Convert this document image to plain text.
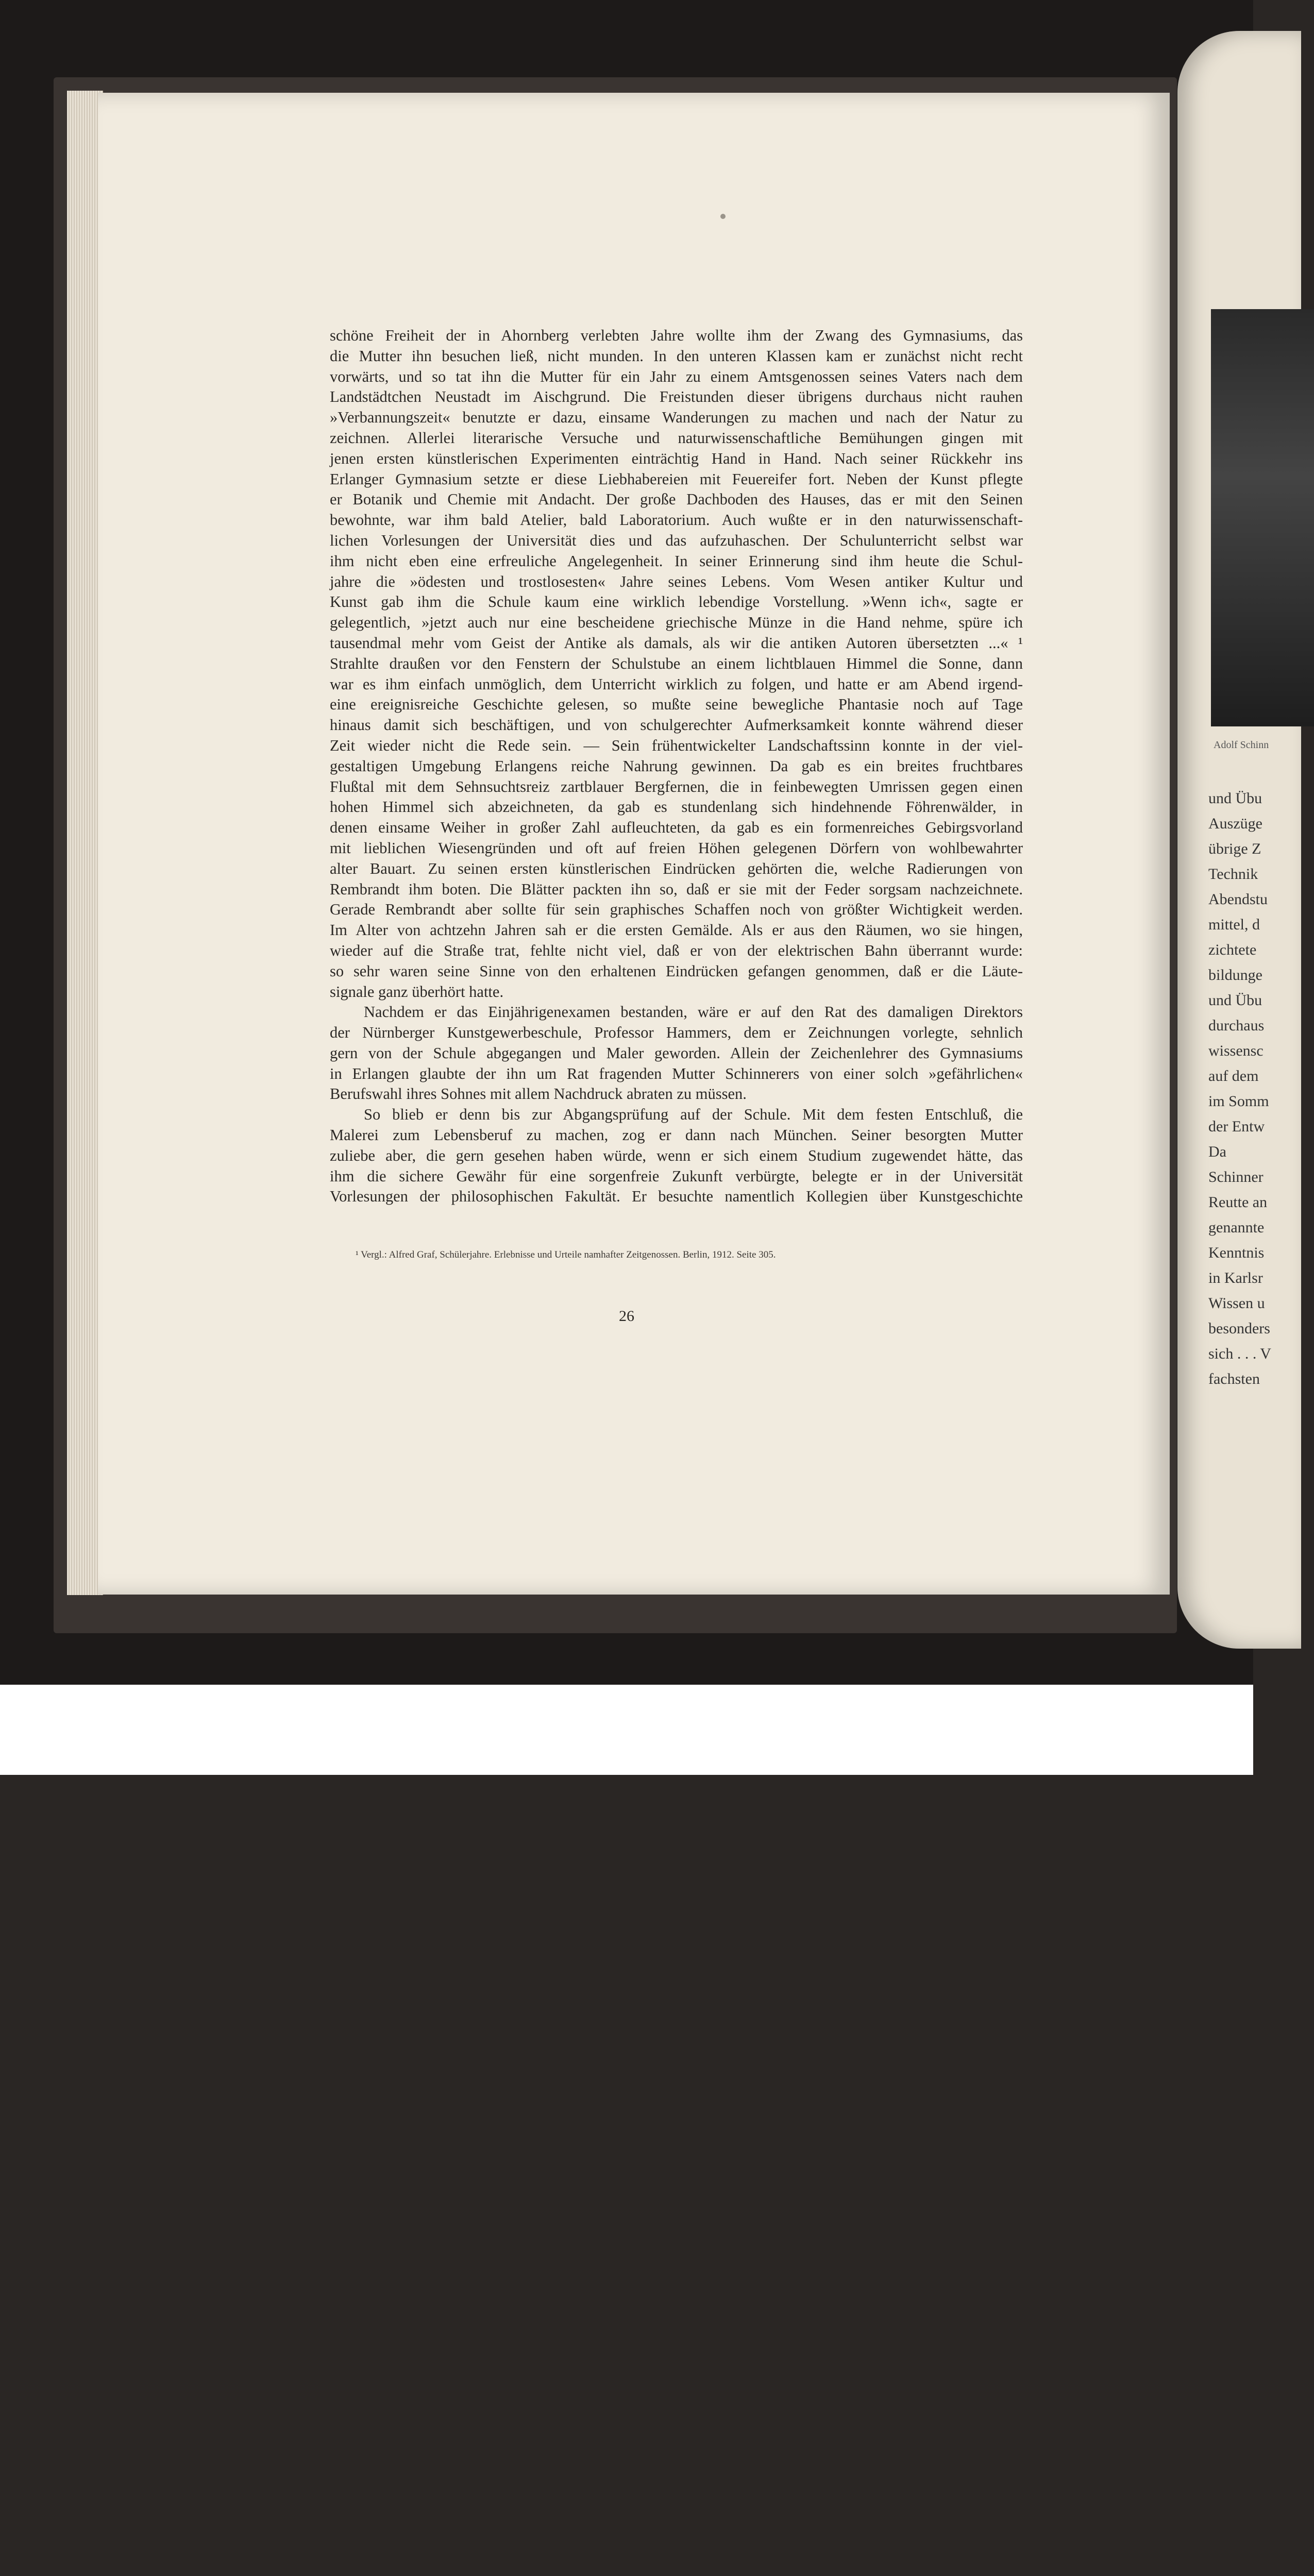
Adolf Schinn
und Übu
Auszüge
übrige Z
Technik
Abendstu
mittel, d
zichtete
bildunge
und Übu
durchaus
wissensc
auf dem
im Somm
der Entw
Da
Schinner
Reutte an
genannte
Kenntnis
in Karlsr
Wissen u
besonders
sich . . . V
fachsten
schöne Freiheit der in Ahornberg verlebten Jahre wollte ihm der Zwang des Gymnasiums, das
die Mutter ihn besuchen ließ, nicht munden. In den unteren Klassen kam er zunächst nicht recht
vorwärts, und so tat ihn die Mutter für ein Jahr zu einem Amtsgenossen seines Vaters nach dem
Landstädtchen Neustadt im Aischgrund. Die Freistunden dieser übrigens durchaus nicht rauhen
»Verbannungszeit« benutzte er dazu, einsame Wanderungen zu machen und nach der Natur zu
zeichnen. Allerlei literarische Versuche und naturwissenschaftliche Bemühungen gingen mit
jenen ersten künstlerischen Experimenten einträchtig Hand in Hand. Nach seiner Rückkehr ins
Erlanger Gymnasium setzte er diese Liebhabereien mit Feuereifer fort. Neben der Kunst pflegte
er Botanik und Chemie mit Andacht. Der große Dachboden des Hauses, das er mit den Seinen
bewohnte, war ihm bald Atelier, bald Laboratorium. Auch wußte er in den naturwissenschaft-
lichen Vorlesungen der Universität dies und das aufzuhaschen. Der Schulunterricht selbst war
ihm nicht eben eine erfreuliche Angelegenheit. In seiner Erinnerung sind ihm heute die Schul-
jahre die »ödesten und trostlosesten« Jahre seines Lebens. Vom Wesen antiker Kultur und
Kunst gab ihm die Schule kaum eine wirklich lebendige Vorstellung. »Wenn ich«, sagte er
gelegentlich, »jetzt auch nur eine bescheidene griechische Münze in die Hand nehme, spüre ich
tausendmal mehr vom Geist der Antike als damals, als wir die antiken Autoren übersetzten ...« ¹
Strahlte draußen vor den Fenstern der Schulstube an einem lichtblauen Himmel die Sonne, dann
war es ihm einfach unmöglich, dem Unterricht wirklich zu folgen, und hatte er am Abend irgend-
eine ereignisreiche Geschichte gelesen, so mußte seine bewegliche Phantasie noch auf Tage
hinaus damit sich beschäftigen, und von schulgerechter Aufmerksamkeit konnte während dieser
Zeit wieder nicht die Rede sein. — Sein frühentwickelter Landschaftssinn konnte in der viel-
gestaltigen Umgebung Erlangens reiche Nahrung gewinnen. Da gab es ein breites fruchtbares
Flußtal mit dem Sehnsuchtsreiz zartblauer Bergfernen, die in feinbewegten Umrissen gegen einen
hohen Himmel sich abzeichneten, da gab es stundenlang sich hindehnende Föhrenwälder, in
denen einsame Weiher in großer Zahl aufleuchteten, da gab es ein formenreiches Gebirgsvorland
mit lieblichen Wiesengründen und oft auf freien Höhen gelegenen Dörfern von wohlbewahrter
alter Bauart. Zu seinen ersten künstlerischen Eindrücken gehörten die, welche Radierungen von
Rembrandt ihm boten. Die Blätter packten ihn so, daß er sie mit der Feder sorgsam nachzeichnete.
Gerade Rembrandt aber sollte für sein graphisches Schaffen noch von größter Wichtigkeit werden.
Im Alter von achtzehn Jahren sah er die ersten Gemälde. Als er aus den Räumen, wo sie hingen,
wieder auf die Straße trat, fehlte nicht viel, daß er von der elektrischen Bahn überrannt wurde:
so sehr waren seine Sinne von den erhaltenen Eindrücken gefangen genommen, daß er die Läute-
signale ganz überhört hatte.
Nachdem er das Einjährigenexamen bestanden, wäre er auf den Rat des damaligen Direktors
der Nürnberger Kunstgewerbeschule, Professor Hammers, dem er Zeichnungen vorlegte, sehnlich
gern von der Schule abgegangen und Maler geworden. Allein der Zeichenlehrer des Gymnasiums
in Erlangen glaubte der ihn um Rat fragenden Mutter Schinnerers von einer solch »gefährlichen«
Berufswahl ihres Sohnes mit allem Nachdruck abraten zu müssen.
So blieb er denn bis zur Abgangsprüfung auf der Schule. Mit dem festen Entschluß, die
Malerei zum Lebensberuf zu machen, zog er dann nach München. Seiner besorgten Mutter
zuliebe aber, die gern gesehen haben würde, wenn er sich einem Studium zugewendet hätte, das
ihm die sichere Gewähr für eine sorgenfreie Zukunft verbürgte, belegte er in der Universität
Vorlesungen der philosophischen Fakultät. Er besuchte namentlich Kollegien über Kunstgeschichte
¹ Vergl.: Alfred Graf, Schülerjahre. Erlebnisse und Urteile namhafter Zeitgenossen. Berlin, 1912. Seite 305.
26
